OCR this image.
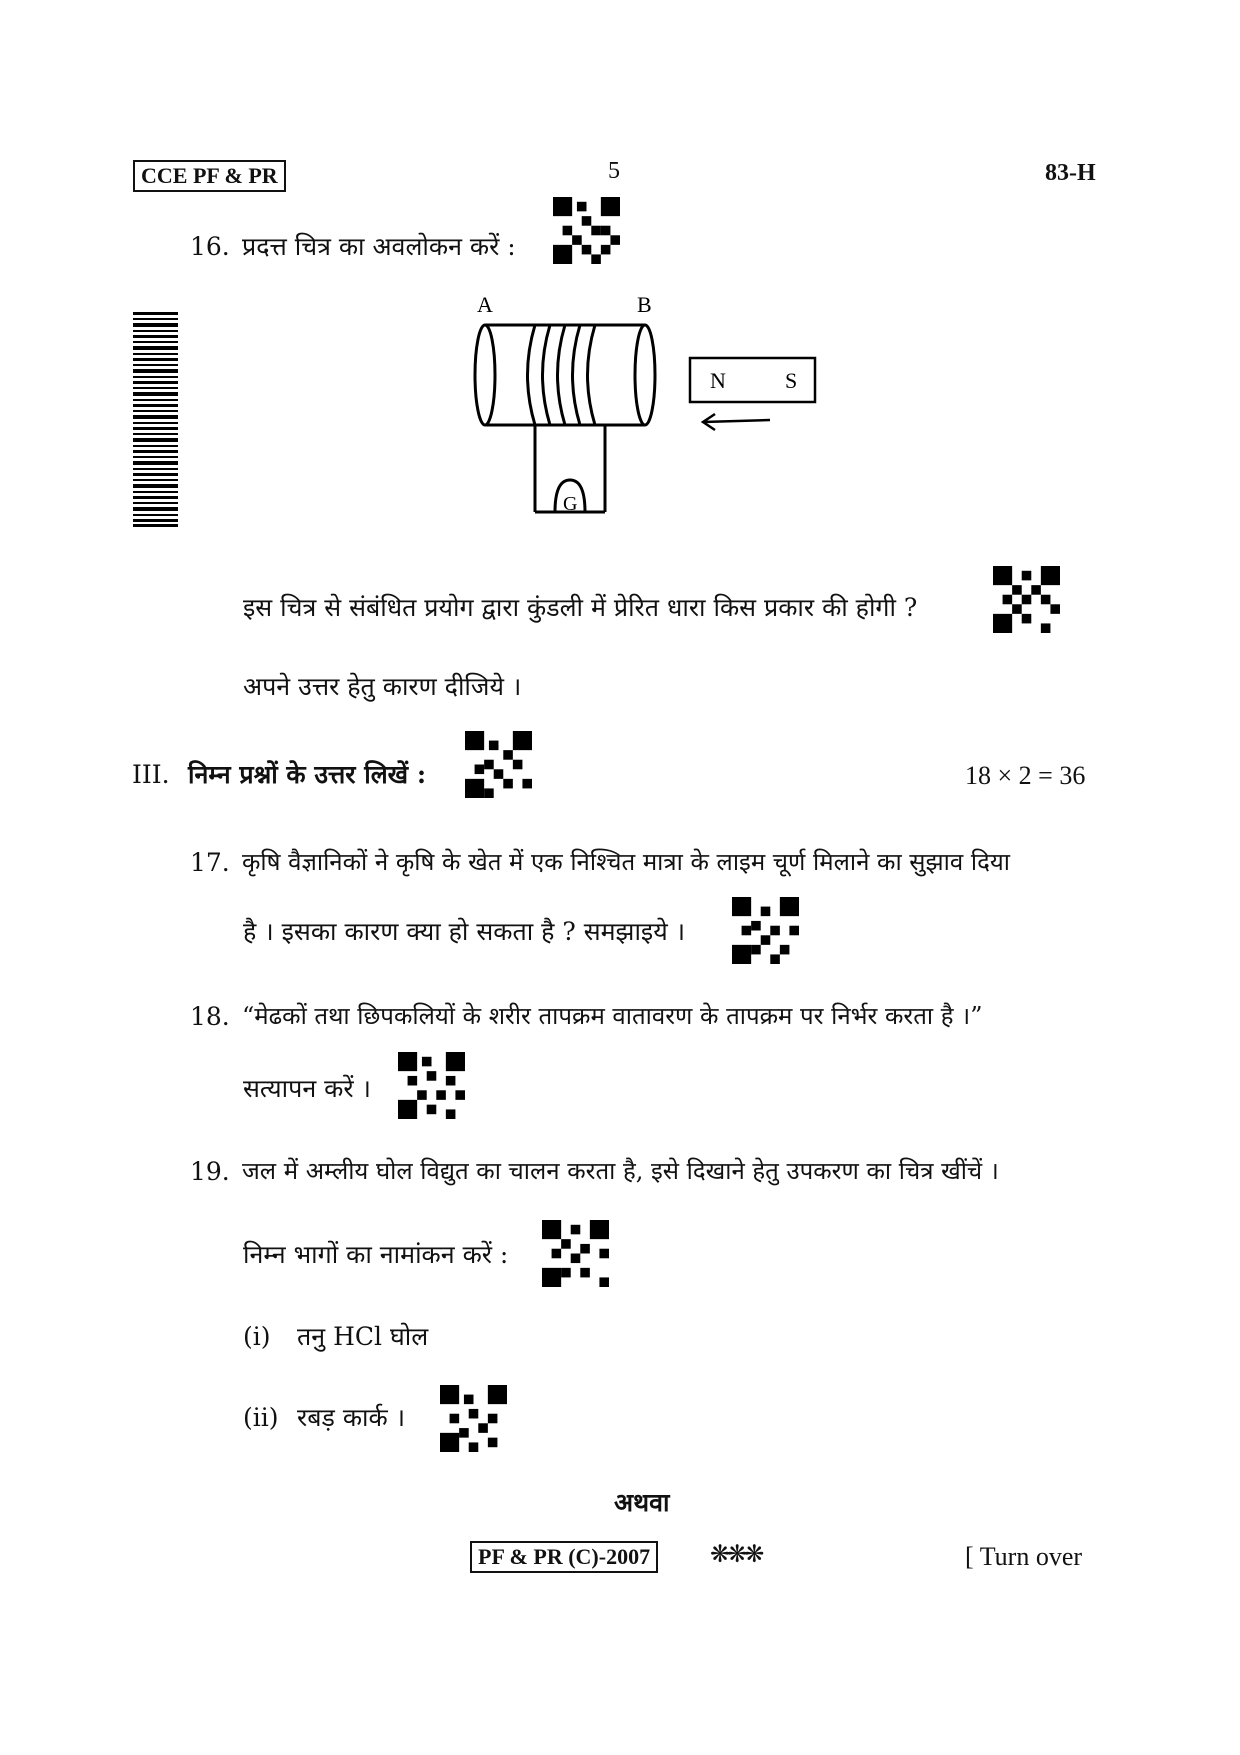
CCE PF & PR	5	83-H
16. प्रदत्त चित्र का अवलोकन करें :
A	B
N	S
G
इस चित्र से संबंधित प्रयोग द्वारा कुंडली में प्रेरित धारा किस प्रकार की होगी ?
अपने उत्तर हेतु कारण दीजिये ।
III. निम्न प्रश्नों के उत्तर लिखें :	18 × 2 = 36
17. कृषि वैज्ञानिकों ने कृषि के खेत में एक निश्चित मात्रा के लाइम चूर्ण मिलाने का सुझाव दिया
है । इसका कारण क्या हो सकता है ? समझाइये ।
18. “मेढकों तथा छिपकलियों के शरीर तापक्रम वातावरण के तापक्रम पर निर्भर करता है ।”
सत्यापन करें ।
19. जल में अम्लीय घोल विद्युत का चालन करता है, इसे दिखाने हेतु उपकरण का चित्र खींचें ।
निम्न भागों का नामांकन करें :
(i) तनु HCl घोल
(ii) रबड़ कार्क ।
अथवा
PF & PR (C)-2007	❋❋❋	[ Turn over
